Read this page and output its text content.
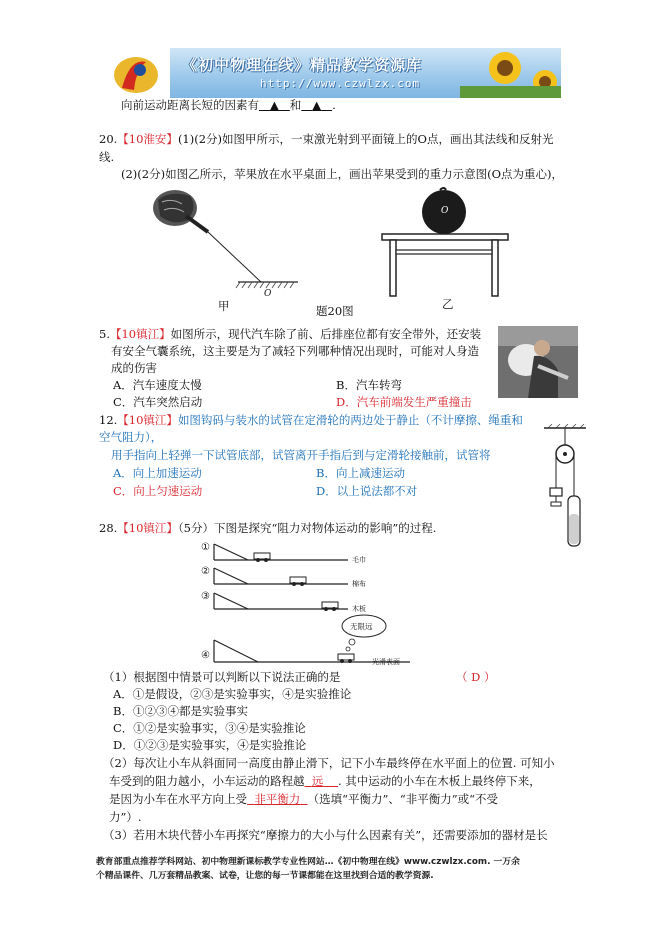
《初中物理在线》精品教学资源库
http://www.czwlzx.com
向前运动距离长短的因素有 ▲ 和 ▲ .
20.【10淮安】(1)(2分)如图甲所示，一束激光射到平面镜上的O点，画出其法线和反射光
线.
(2)(2分)如图乙所示，苹果放在水平桌面上，画出苹果受到的重力示意图(O点为重心)，
O
甲	题20图	乙
O
5.【10镇江】如图所示，现代汽车除了前、后排座位都有安全带外，还安装
有安全气囊系统，这主要是为了减轻下列哪种情况出现时，可能对人身造
成的伤害
A．汽车速度太慢	B．汽车转弯
C．汽车突然启动	D．汽车前端发生严重撞击
12.【10镇江】如图钩码与装水的试管在定滑轮的两边处于静止（不计摩擦、绳重和
空气阻力），
用手指向上轻弹一下试管底部，试管离开手指后到与定滑轮接触前，试管将
A．向上加速运动	B．向上减速运动
C．向上匀速运动	D．以上说法都不对
28.【10镇江】（5分）下图是探究“阻力对物体运动的影响”的过程.
①
②
③
④
毛巾
棉布
木板
光滑表面
无限远
（1）根据图中情景可以判断以下说法正确的是	（ D ）
A．①是假设，②③是实验事实，④是实验推论
B．①②③④都是实验事实
C．①②是实验事实，③④是实验推论
D．①②③是实验事实，④是实验推论
（2）每次让小车从斜面同一高度由静止滑下，记下小车最终停在水平面上的位置. 可知小
车受到的阻力越小，小车运动的路程越 远 . 其中运动的小车在木板上最终停下来，
是因为小车在水平方向上受 非平衡力 （选填“平衡力”、“非平衡力”或“不受
力”）.
（3）若用木块代替小车再探究“摩擦力的大小与什么因素有关”，还需要添加的器材是长
教育部重点推荐学科网站、初中物理新课标教学专业性网站…《初中物理在线》www.czwlzx.com. 一万余
个精品课件、几万套精品教案、试卷，让您的每一节课都能在这里找到合适的教学资源.
